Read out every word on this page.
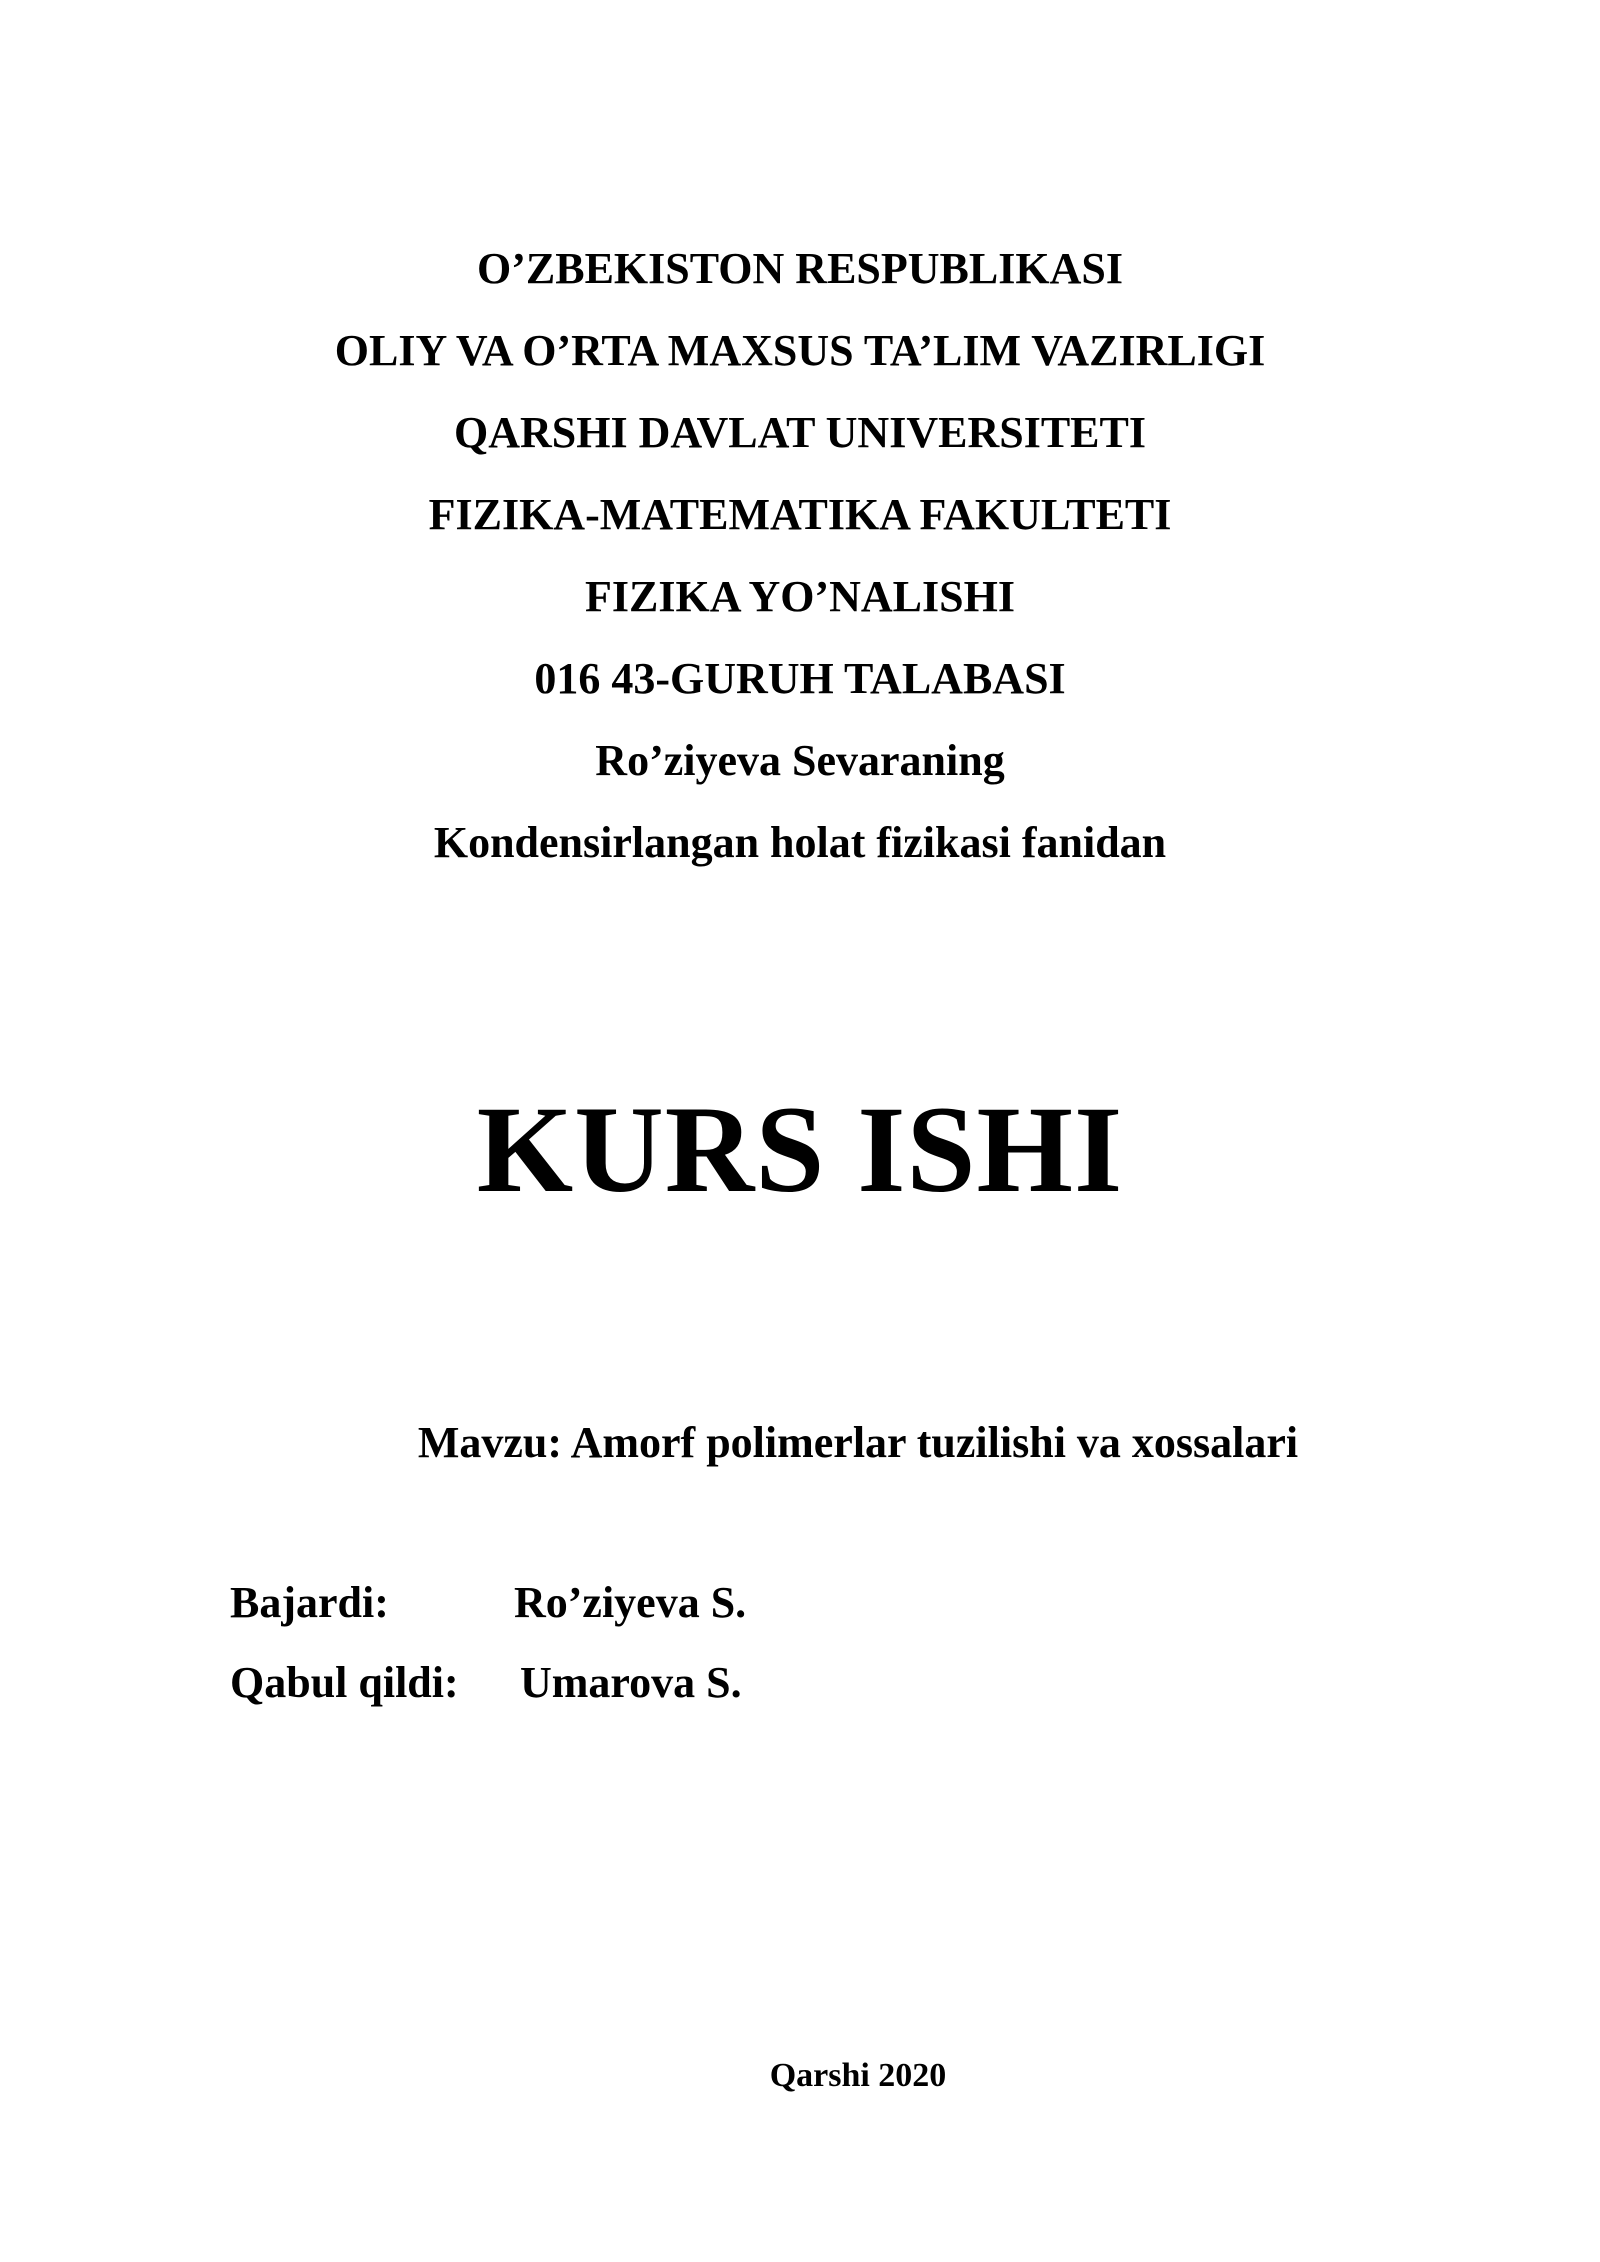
O’ZBEKISTON RESPUBLIKASI
OLIY VA O’RTA MAXSUS TA’LIM VAZIRLIGI
QARSHI DAVLAT UNIVERSITETI
FIZIKA-MATEMATIKA FAKULTETI
FIZIKA YO’NALISHI
016 43-GURUH TALABASI
Ro’ziyeva Sevaraning
Kondensirlangan holat fizikasi fanidan
KURS ISHI
Mavzu: Amorf polimerlar tuzilishi va xossalari
Bajardi:	Ro’ziyeva S.
Qabul qildi: Umarova S.
Qarshi 2020
